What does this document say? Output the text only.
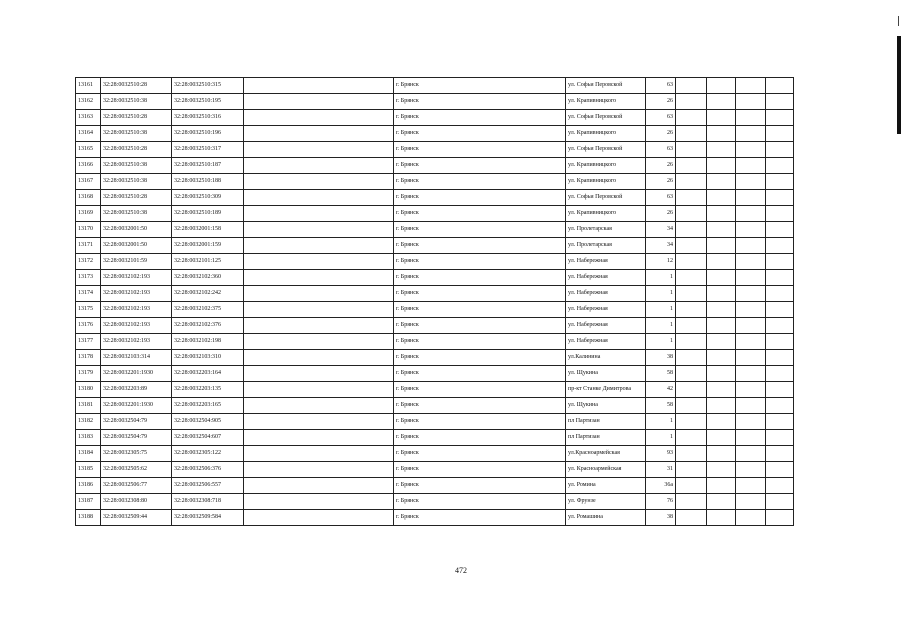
13161	32:28:0032510:28	32:28:0032510:315		г. Брянск	ул. Софьи Перовской	63				
13162	32:28:0032510:38	32:28:0032510:195		г. Брянск	ул. Крапивницкого	26				
13163	32:28:0032510:28	32:28:0032510:316		г. Брянск	ул. Софьи Перовской	63				
13164	32:28:0032510:38	32:28:0032510:196		г. Брянск	ул. Крапивницкого	26				
13165	32:28:0032510:28	32:28:0032510:317		г. Брянск	ул. Софьи Перовской	63				
13166	32:28:0032510:38	32:28:0032510:187		г. Брянск	ул. Крапивницкого	26				
13167	32:28:0032510:38	32:28:0032510:188		г. Брянск	ул. Крапивницкого	26				
13168	32:28:0032510:28	32:28:0032510:309		г. Брянск	ул. Софьи Перовской	63				
13169	32:28:0032510:38	32:28:0032510:189		г. Брянск	ул. Крапивницкого	26				
13170	32:28:0032001:50	32:28:0032001:158		г. Брянск	ул. Пролетарская	34				
13171	32:28:0032001:50	32:28:0032001:159		г. Брянск	ул. Пролетарская	34				
13172	32:28:0032101:59	32:28:0032101:125		г. Брянск	ул. Набережная	12				
13173	32:28:0032102:193	32:28:0032102:360		г. Брянск	ул. Набережная	1				
13174	32:28:0032102:193	32:28:0032102:242		г. Брянск	ул. Набережная	1				
13175	32:28:0032102:193	32:28:0032102:375		г. Брянск	ул. Набережная	1				
13176	32:28:0032102:193	32:28:0032102:376		г. Брянск	ул. Набережная	1				
13177	32:28:0032102:193	32:28:0032102:198		г. Брянск	ул. Набережная	1				
13178	32:28:0032103:314	32:28:0032103:310		г. Брянск	ул.Калинина	38				
13179	32:28:0032201:1930	32:28:0032203:164		г. Брянск	ул. Щукина	58				
13180	32:28:0032203:89	32:28:0032203:135		г. Брянск	пр-кт Станке Димитрова	42				
13181	32:28:0032201:1930	32:28:0032203:165		г. Брянск	ул. Щукина	58				
13182	32:28:0032504:79	32:28:0032504:905		г. Брянск	пл Партизан	1				
13183	32:28:0032504:79	32:28:0032504:607		г. Брянск	пл Партизан	1				
13184	32:28:0032305:75	32:28:0032305:122		г. Брянск	ул.Красноармейская	93				
13185	32:28:0032505:62	32:28:0032506:376		г. Брянск	ул. Красноармейская	31				
13186	32:28:0032506:77	32:28:0032506:557		г. Брянск	ул. Ромина	36а				
13187	32:28:0032308:80	32:28:0032308:718		г. Брянск	ул. Фрунзе	76				
13188	32:28:0032509:44	32:28:0032509:584		г. Брянск	ул. Ромашина	38				
472
